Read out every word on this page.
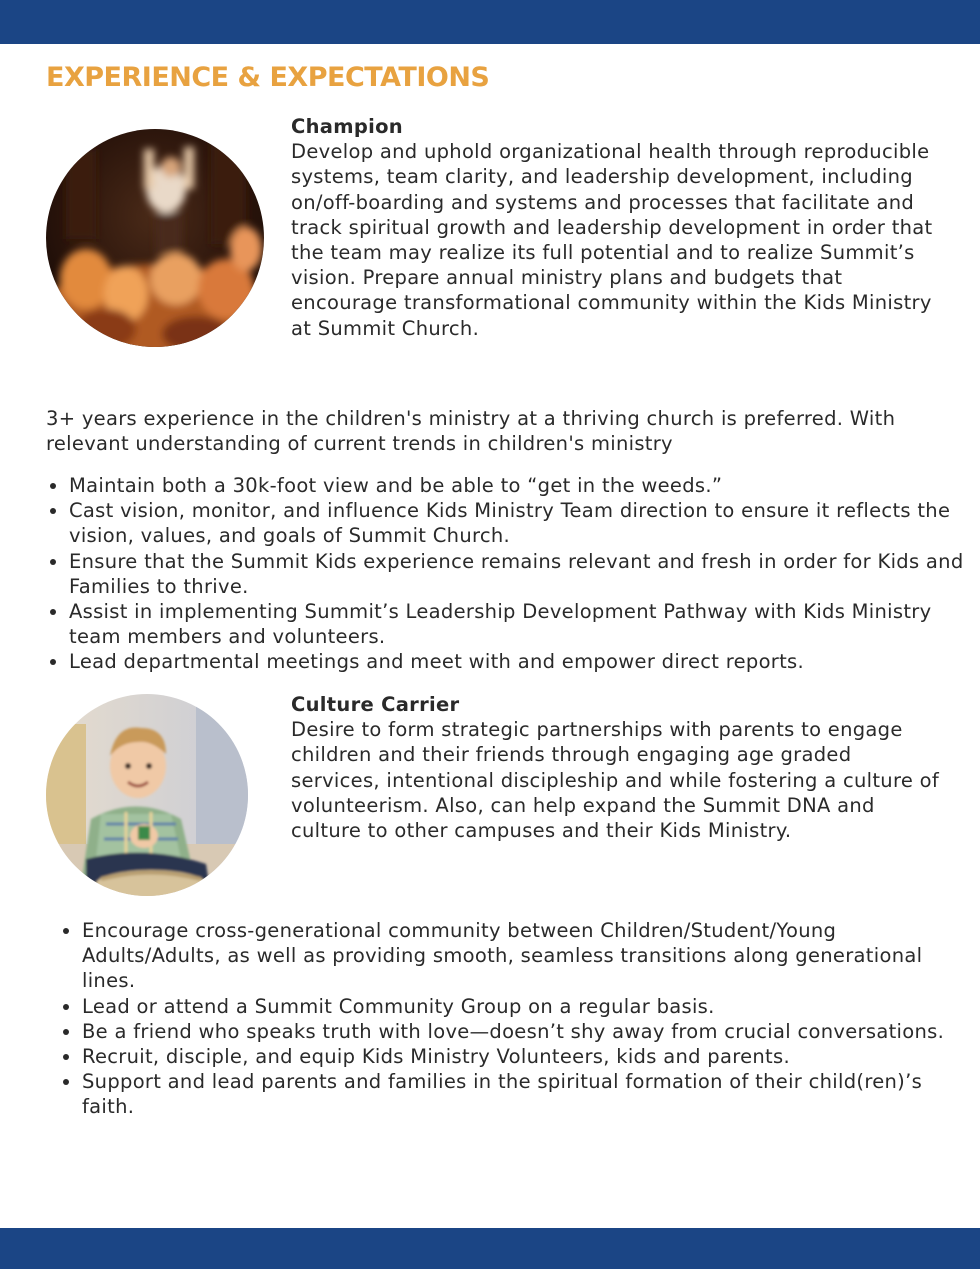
EXPERIENCE & EXPECTATIONS
Champion

Develop and uphold organizational health through reproducible systems, team clarity, and leadership development, including on/off-boarding and systems and processes that facilitate and track spiritual growth and leadership development in order that the team may realize its full potential and to realize Summit’s vision. Prepare annual ministry plans and budgets that encourage transformational community within the Kids Ministry at Summit Church.

3+ years experience in the children's ministry at a thriving church is preferred. With relevant understanding of current trends in children's ministry

• Maintain both a 30k-foot view and be able to “get in the weeds.”
• Cast vision, monitor, and influence Kids Ministry Team direction to ensure it reflects the vision, values, and goals of Summit Church.
• Ensure that the Summit Kids experience remains relevant and fresh in order for Kids and Families to thrive.
• Assist in implementing Summit’s Leadership Development Pathway with Kids Ministry team members and volunteers.
• Lead departmental meetings and meet with and empower direct reports.
Culture Carrier

Desire to form strategic partnerships with parents to engage children and their friends through engaging age graded services, intentional discipleship and while fostering a culture of volunteerism. Also, can help expand the Summit DNA and culture to other campuses and their Kids Ministry.

• Encourage cross-generational community between Children/Student/Young Adults/Adults, as well as providing smooth, seamless transitions along generational lines.
• Lead or attend a Summit Community Group on a regular basis.
• Be a friend who speaks truth with love—doesn’t shy away from crucial conversations.
• Recruit, disciple, and equip Kids Ministry Volunteers, kids and parents.
• Support and lead parents and families in the spiritual formation of their child(ren)’s faith.
